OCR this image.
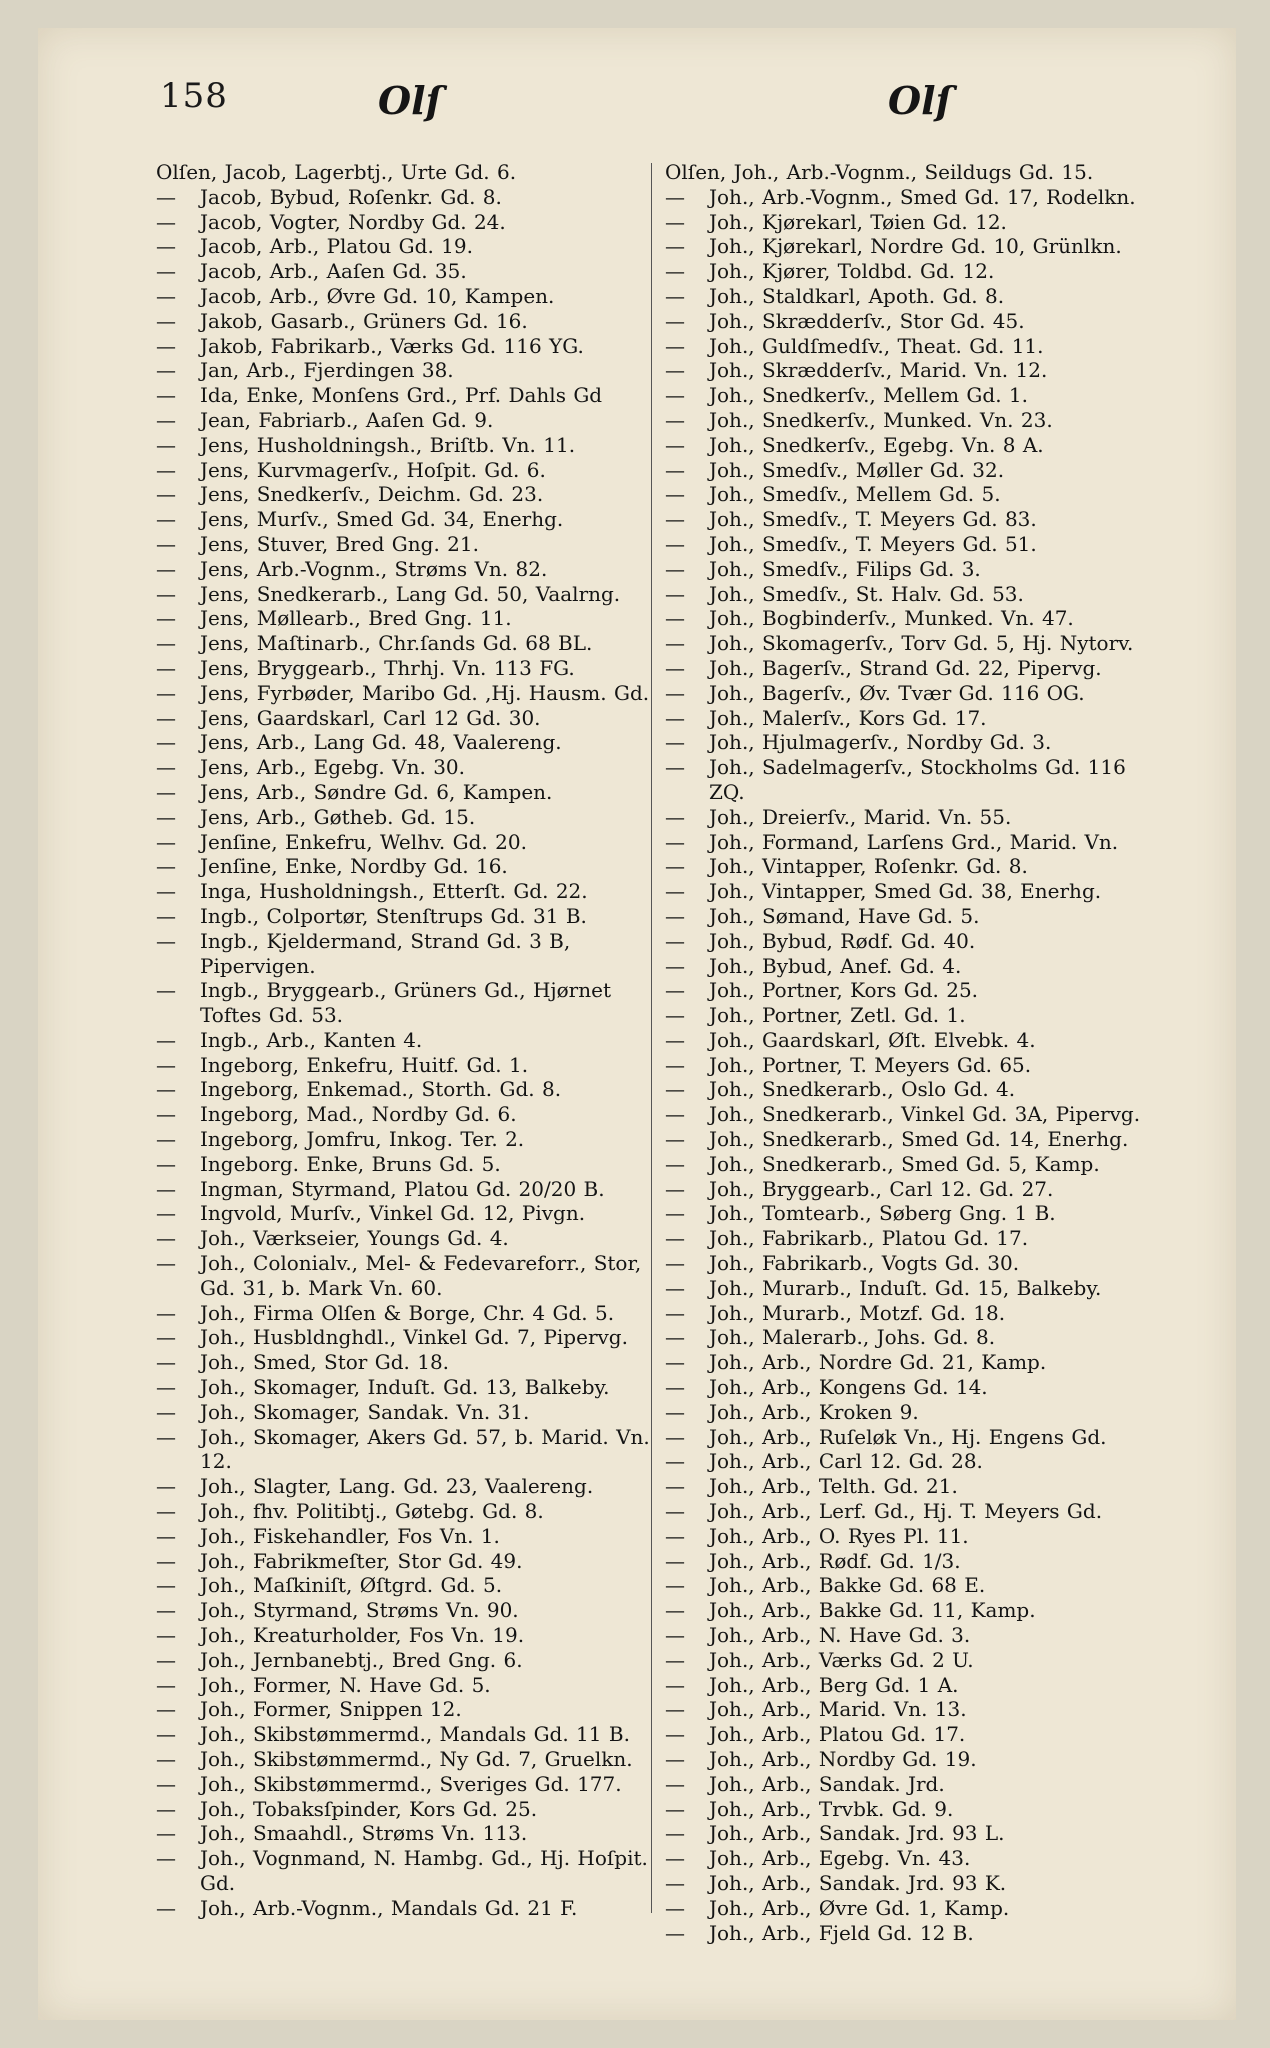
158	Olſ	Olſ
Olſen, Jacob, Lagerbtj., Urte Gd. 6.
— Jacob, Bybud, Roſenkr. Gd. 8.
— Jacob, Vogter, Nordby Gd. 24.
— Jacob, Arb., Platou Gd. 19.
— Jacob, Arb., Aaſen Gd. 35.
— Jacob, Arb., Øvre Gd. 10, Kampen.
— Jakob, Gasarb., Grüners Gd. 16.
— Jakob, Fabrikarb., Værks Gd. 116 YG.
— Jan, Arb., Fjerdingen 38.
— Ida, Enke, Monſens Grd., Prf. Dahls Gd
— Jean, Fabriarb., Aaſen Gd. 9.
— Jens, Husholdningsh., Briſtb. Vn. 11.
— Jens, Kurvmagerſv., Hoſpit. Gd. 6.
— Jens, Snedkerſv., Deichm. Gd. 23.
— Jens, Murſv., Smed Gd. 34, Enerhg.
— Jens, Stuver, Bred Gng. 21.
— Jens, Arb.-Vognm., Strøms Vn. 82.
— Jens, Snedkerarb., Lang Gd. 50, Vaalrng.
— Jens, Møllearb., Bred Gng. 11.
— Jens, Maſtinarb., Chr.ſands Gd. 68 BL.
— Jens, Bryggearb., Thrhj. Vn. 113 FG.
— Jens, Fyrbøder, Maribo Gd. ,Hj. Hausm. Gd.
— Jens, Gaardskarl, Carl 12 Gd. 30.
— Jens, Arb., Lang Gd. 48, Vaalereng.
— Jens, Arb., Egebg. Vn. 30.
— Jens, Arb., Søndre Gd. 6, Kampen.
— Jens, Arb., Gøtheb. Gd. 15.
— Jenſine, Enkefru, Welhv. Gd. 20.
— Jenſine, Enke, Nordby Gd. 16.
— Inga, Husholdningsh., Etterſt. Gd. 22.
— Ingb., Colportør, Stenſtrups Gd. 31 B.
— Ingb., Kjeldermand, Strand Gd. 3 B, Pipervigen.
— Ingb., Bryggearb., Grüners Gd., Hjørnet Toftes Gd. 53.
— Ingb., Arb., Kanten 4.
— Ingeborg, Enkefru, Huitf. Gd. 1.
— Ingeborg, Enkemad., Storth. Gd. 8.
— Ingeborg, Mad., Nordby Gd. 6.
— Ingeborg, Jomfru, Inkog. Ter. 2.
— Ingeborg. Enke, Bruns Gd. 5.
— Ingman, Styrmand, Platou Gd. 20/20 B.
— Ingvold, Murſv., Vinkel Gd. 12, Pivgn.
— Joh., Værkseier, Youngs Gd. 4.
— Joh., Colonialv., Mel- & Fedevareforr., Stor, Gd. 31, b. Mark Vn. 60.
— Joh., Firma Olſen & Borge, Chr. 4 Gd. 5.
— Joh., Husbldnghdl., Vinkel Gd. 7, Pipervg.
— Joh., Smed, Stor Gd. 18.
— Joh., Skomager, Induſt. Gd. 13, Balkeby.
— Joh., Skomager, Sandak. Vn. 31.
— Joh., Skomager, Akers Gd. 57, b. Marid. Vn. 12.
— Joh., Slagter, Lang. Gd. 23, Vaalereng.
— Joh., fhv. Politibtj., Gøtebg. Gd. 8.
— Joh., Fiskehandler, Fos Vn. 1.
— Joh., Fabrikmeſter, Stor Gd. 49.
— Joh., Maſkiniſt, Øſtgrd. Gd. 5.
— Joh., Styrmand, Strøms Vn. 90.
— Joh., Kreaturholder, Fos Vn. 19.
— Joh., Jernbanebtj., Bred Gng. 6.
— Joh., Former, N. Have Gd. 5.
— Joh., Former, Snippen 12.
— Joh., Skibstømmermd., Mandals Gd. 11 B.
— Joh., Skibstømmermd., Ny Gd. 7, Gruelkn.
— Joh., Skibstømmermd., Sveriges Gd. 177.
— Joh., Tobaksſpinder, Kors Gd. 25.
— Joh., Smaahdl., Strøms Vn. 113.
— Joh., Vognmand, N. Hambg. Gd., Hj. Hoſpit. Gd.
— Joh., Arb.-Vognm., Mandals Gd. 21 F.
Olſen, Joh., Arb.-Vognm., Seildugs Gd. 15.
— Joh., Arb.-Vognm., Smed Gd. 17, Rodelkn.
— Joh., Kjørekarl, Tøien Gd. 12.
— Joh., Kjørekarl, Nordre Gd. 10, Grünlkn.
— Joh., Kjører, Toldbd. Gd. 12.
— Joh., Staldkarl, Apoth. Gd. 8.
— Joh., Skrædderſv., Stor Gd. 45.
— Joh., Guldſmedſv., Theat. Gd. 11.
— Joh., Skrædderſv., Marid. Vn. 12.
— Joh., Snedkerſv., Mellem Gd. 1.
— Joh., Snedkerſv., Munked. Vn. 23.
— Joh., Snedkerſv., Egebg. Vn. 8 A.
— Joh., Smedſv., Møller Gd. 32.
— Joh., Smedſv., Mellem Gd. 5.
— Joh., Smedſv., T. Meyers Gd. 83.
— Joh., Smedſv., T. Meyers Gd. 51.
— Joh., Smedſv., Filips Gd. 3.
— Joh., Smedſv., St. Halv. Gd. 53.
— Joh., Bogbinderſv., Munked. Vn. 47.
— Joh., Skomagerſv., Torv Gd. 5, Hj. Nytorv.
— Joh., Bagerſv., Strand Gd. 22, Pipervg.
— Joh., Bagerſv., Øv. Tvær Gd. 116 OG.
— Joh., Malerſv., Kors Gd. 17.
— Joh., Hjulmagerſv., Nordby Gd. 3.
— Joh., Sadelmagerſv., Stockholms Gd. 116 ZQ.
— Joh., Dreierſv., Marid. Vn. 55.
— Joh., Formand, Larſens Grd., Marid. Vn.
— Joh., Vintapper, Roſenkr. Gd. 8.
— Joh., Vintapper, Smed Gd. 38, Enerhg.
— Joh., Sømand, Have Gd. 5.
— Joh., Bybud, Rødf. Gd. 40.
— Joh., Bybud, Anef. Gd. 4.
— Joh., Portner, Kors Gd. 25.
— Joh., Portner, Zetl. Gd. 1.
— Joh., Gaardskarl, Øſt. Elvebk. 4.
— Joh., Portner, T. Meyers Gd. 65.
— Joh., Snedkerarb., Oslo Gd. 4.
— Joh., Snedkerarb., Vinkel Gd. 3A, Pipervg.
— Joh., Snedkerarb., Smed Gd. 14, Enerhg.
— Joh., Snedkerarb., Smed Gd. 5, Kamp.
— Joh., Bryggearb., Carl 12. Gd. 27.
— Joh., Tomtearb., Søberg Gng. 1 B.
— Joh., Fabrikarb., Platou Gd. 17.
— Joh., Fabrikarb., Vogts Gd. 30.
— Joh., Murarb., Induſt. Gd. 15, Balkeby.
— Joh., Murarb., Motzf. Gd. 18.
— Joh., Malerarb., Johs. Gd. 8.
— Joh., Arb., Nordre Gd. 21, Kamp.
— Joh., Arb., Kongens Gd. 14.
— Joh., Arb., Kroken 9.
— Joh., Arb., Ruſeløk Vn., Hj. Engens Gd.
— Joh., Arb., Carl 12. Gd. 28.
— Joh., Arb., Telth. Gd. 21.
— Joh., Arb., Lerf. Gd., Hj. T. Meyers Gd.
— Joh., Arb., O. Ryes Pl. 11.
— Joh., Arb., Rødf. Gd. 1/3.
— Joh., Arb., Bakke Gd. 68 E.
— Joh., Arb., Bakke Gd. 11, Kamp.
— Joh., Arb., N. Have Gd. 3.
— Joh., Arb., Værks Gd. 2 U.
— Joh., Arb., Berg Gd. 1 A.
— Joh., Arb., Marid. Vn. 13.
— Joh., Arb., Platou Gd. 17.
— Joh., Arb., Nordby Gd. 19.
— Joh., Arb., Sandak. Jrd.
— Joh., Arb., Trvbk. Gd. 9.
— Joh., Arb., Sandak. Jrd. 93 L.
— Joh., Arb., Egebg. Vn. 43.
— Joh., Arb., Sandak. Jrd. 93 K.
— Joh., Arb., Øvre Gd. 1, Kamp.
— Joh., Arb., Fjeld Gd. 12 B.
